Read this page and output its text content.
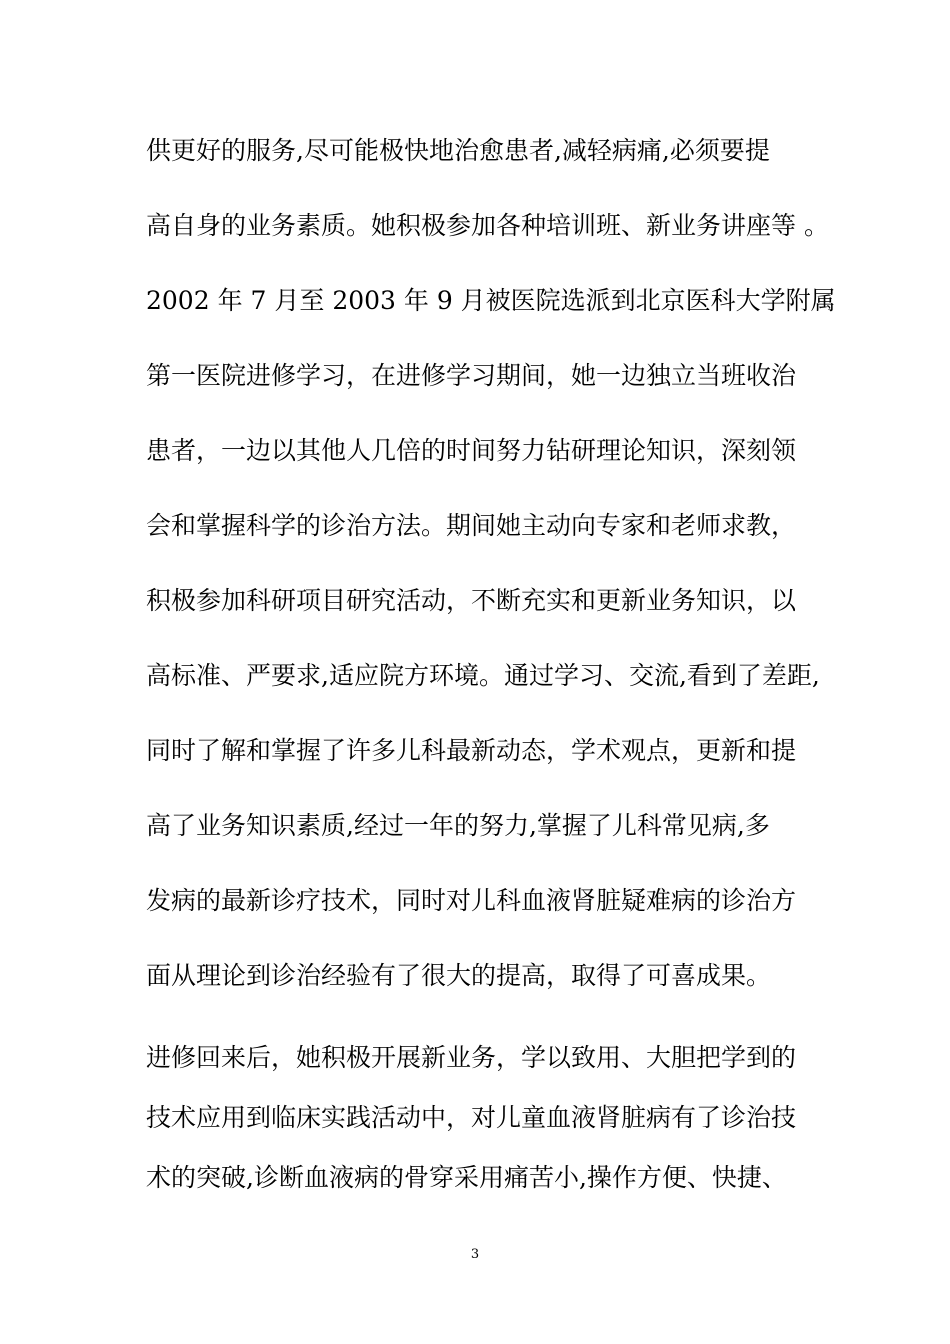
供更好的服务,尽可能极快地治愈患者,减轻病痛,必须要提
高自身的业务素质。她积极参加各种培训班、新业务讲座等 。
2002 年 7 月至 2003 年 9 月被医院选派到北京医科大学附属
第一医院进修学习，在进修学习期间，她一边独立当班收治
患者，一边以其他人几倍的时间努力钻研理论知识，深刻领
会和掌握科学的诊治方法。期间她主动向专家和老师求教，
积极参加科研项目研究活动，不断充实和更新业务知识，以
高标准、严要求,适应院方环境。通过学习、交流,看到了差距,
同时了解和掌握了许多儿科最新动态，学术观点，更新和提
高了业务知识素质,经过一年的努力,掌握了儿科常见病,多
发病的最新诊疗技术，同时对儿科血液肾脏疑难病的诊治方
面从理论到诊治经验有了很大的提高，取得了可喜成果。
进修回来后，她积极开展新业务，学以致用、大胆把学到的
技术应用到临床实践活动中，对儿童血液肾脏病有了诊治技
术的突破,诊断血液病的骨穿采用痛苦小,操作方便、快捷、
3
